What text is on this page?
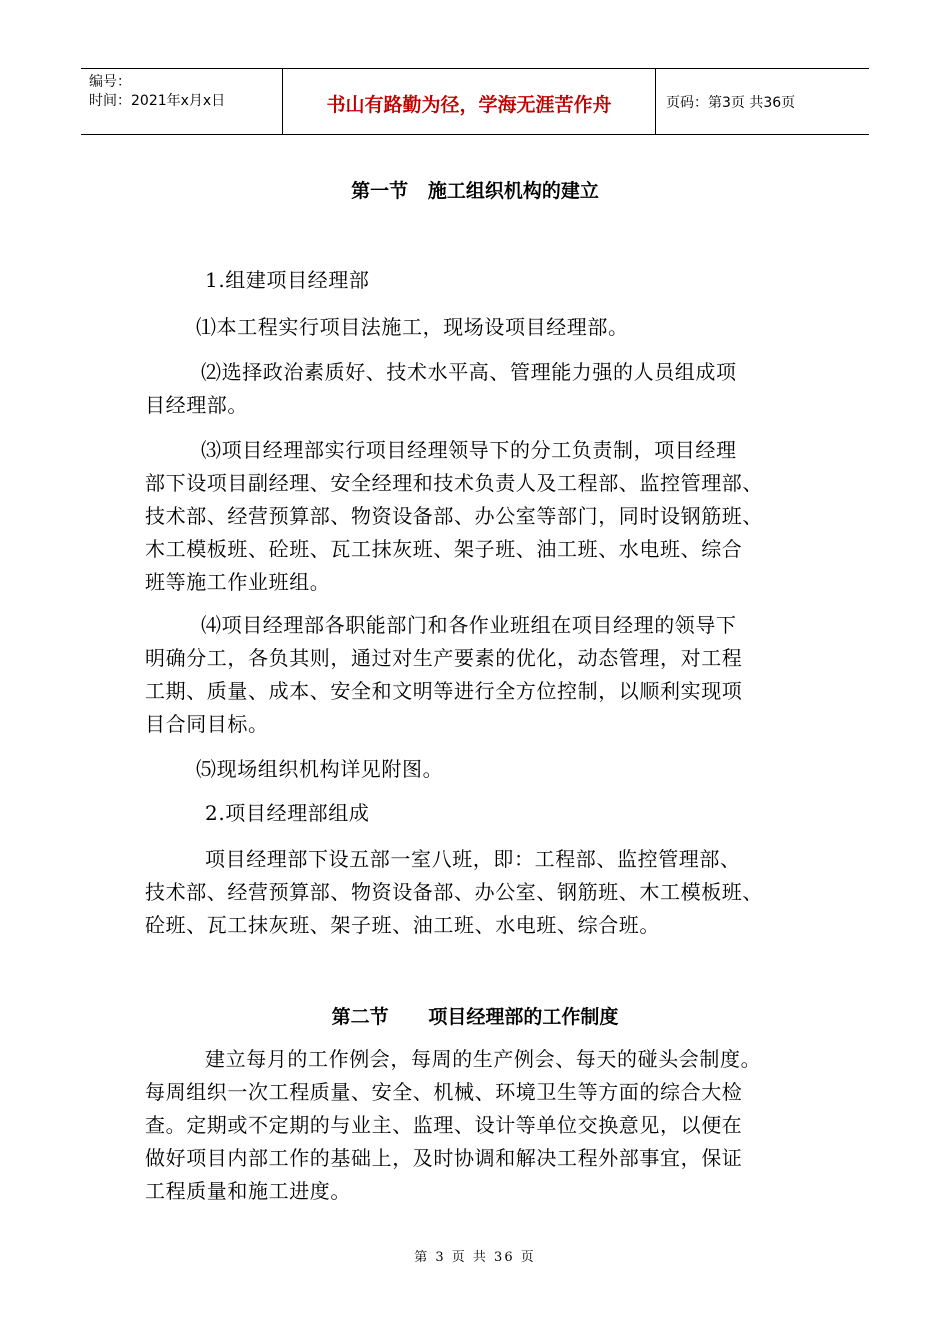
编号：
时间：2021年x月x日	书山有路勤为径，学海无涯苦作舟	页码：第3页 共36页
第一节   施工组织机构的建立
1.组建项目经理部
⑴本工程实行项目法施工，现场设项目经理部。
⑵选择政治素质好、技术水平高、管理能力强的人员组成项
目经理部。
⑶项目经理部实行项目经理领导下的分工负责制，项目经理
部下设项目副经理、安全经理和技术负责人及工程部、监控管理部、
技术部、经营预算部、物资设备部、办公室等部门，同时设钢筋班、
木工模板班、砼班、瓦工抹灰班、架子班、油工班、水电班、综合
班等施工作业班组。
⑷项目经理部各职能部门和各作业班组在项目经理的领导下
明确分工，各负其则，通过对生产要素的优化，动态管理，对工程
工期、质量、成本、安全和文明等进行全方位控制，以顺利实现项
目合同目标。
⑸现场组织机构详见附图。
2.项目经理部组成
项目经理部下设五部一室八班，即：工程部、监控管理部、
技术部、经营预算部、物资设备部、办公室、钢筋班、木工模板班、
砼班、瓦工抹灰班、架子班、油工班、水电班、综合班。
第二节      项目经理部的工作制度
建立每月的工作例会，每周的生产例会、每天的碰头会制度。
每周组织一次工程质量、安全、机械、环境卫生等方面的综合大检
查。定期或不定期的与业主、监理、设计等单位交换意见，以便在
做好项目内部工作的基础上，及时协调和解决工程外部事宜，保证
工程质量和施工进度。
第 3 页 共 36 页
